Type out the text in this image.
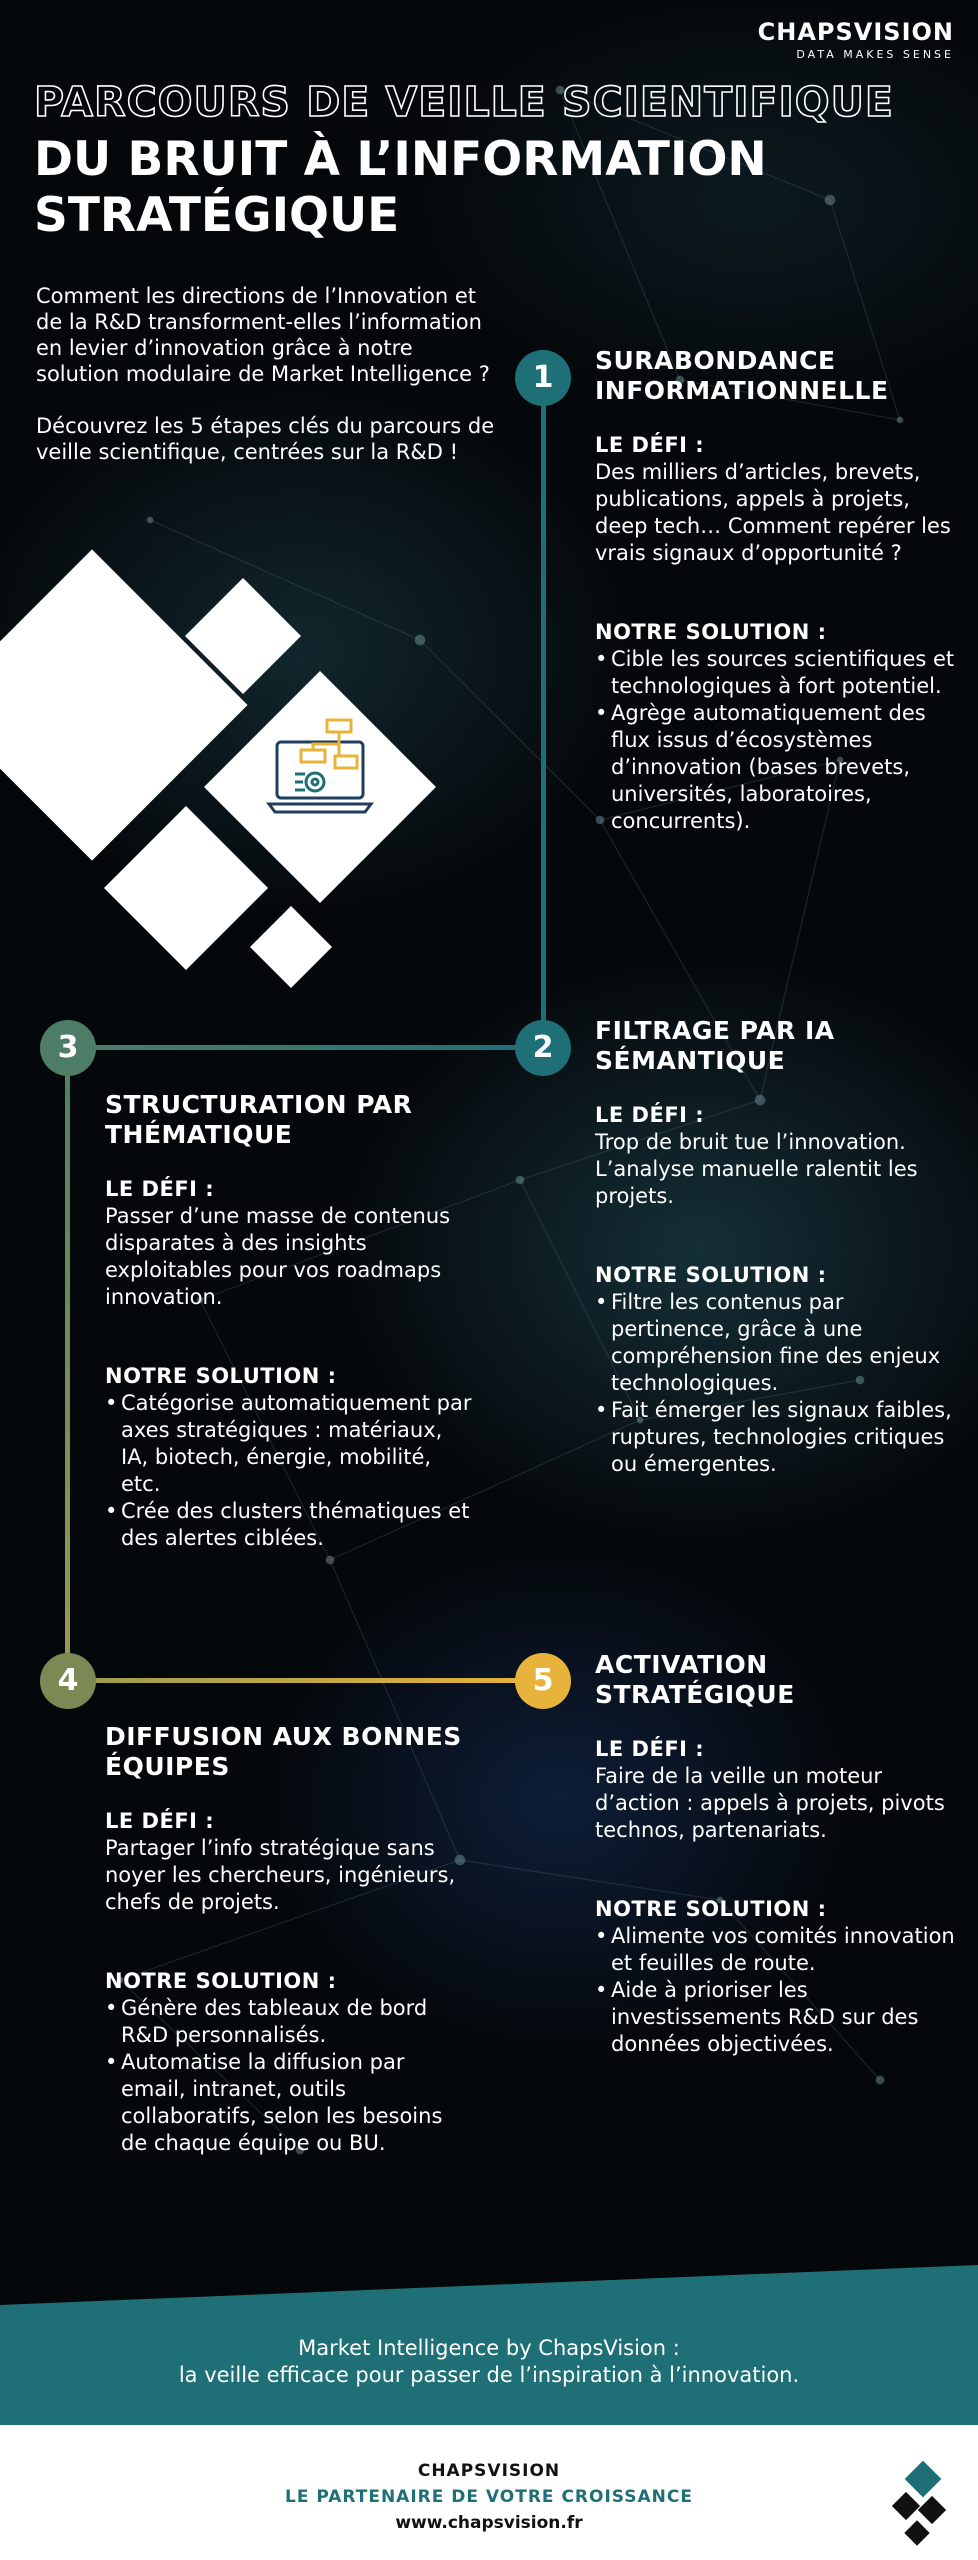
CHAPSVISION
DATA MAKES SENSE
PARCOURS DE VEILLE SCIENTIFIQUE
DU BRUIT À L’INFORMATION STRATÉGIQUE

Comment les directions de l’Innovation et de la R&D transforment-elles l’information en levier d’innovation grâce à notre solution modulaire de Market Intelligence ?

Découvrez les 5 étapes clés du parcours de veille scientifique, centrées sur la R&D !

1
2
3
4	5
SURABONDANCE INFORMATIONNELLE
LE DÉFI :
Des milliers d’articles, brevets, publications, appels à projets, deep tech… Comment repérer les vrais signaux d’opportunité ?
NOTRE SOLUTION :
• Cible les sources scientifiques et technologiques à fort potentiel.
• Agrège automatiquement des flux issus d’écosystèmes d’innovation (bases brevets, universités, laboratoires, concurrents).
FILTRAGE PAR IA SÉMANTIQUE
LE DÉFI :
Trop de bruit tue l’innovation. L’analyse manuelle ralentit les projets.
NOTRE SOLUTION :
• Filtre les contenus par pertinence, grâce à une compréhension fine des enjeux technologiques.
• Fait émerger les signaux faibles, ruptures, technologies critiques ou émergentes.
STRUCTURATION PAR THÉMATIQUE
LE DÉFI :
Passer d’une masse de contenus disparates à des insights exploitables pour vos roadmaps innovation.
NOTRE SOLUTION :
• Catégorise automatiquement par axes stratégiques : matériaux, IA, biotech, énergie, mobilité, etc.
• Crée des clusters thématiques et des alertes ciblées.
DIFFUSION AUX BONNES ÉQUIPES
LE DÉFI :
Partager l’info stratégique sans noyer les chercheurs, ingénieurs, chefs de projets.
NOTRE SOLUTION :
• Génère des tableaux de bord R&D personnalisés.
• Automatise la diffusion par email, intranet, outils collaboratifs, selon les besoins de chaque équipe ou BU.
ACTIVATION STRATÉGIQUE
LE DÉFI :
Faire de la veille un moteur d’action : appels à projets, pivots technos, partenariats.
NOTRE SOLUTION :
• Alimente vos comités innovation et feuilles de route.
• Aide à prioriser les investissements R&D sur des données objectivées.
Market Intelligence by ChapsVision :
la veille efficace pour passer de l’inspiration à l’innovation.
CHAPSVISION
LE PARTENAIRE DE VOTRE CROISSANCE
www.chapsvision.fr
